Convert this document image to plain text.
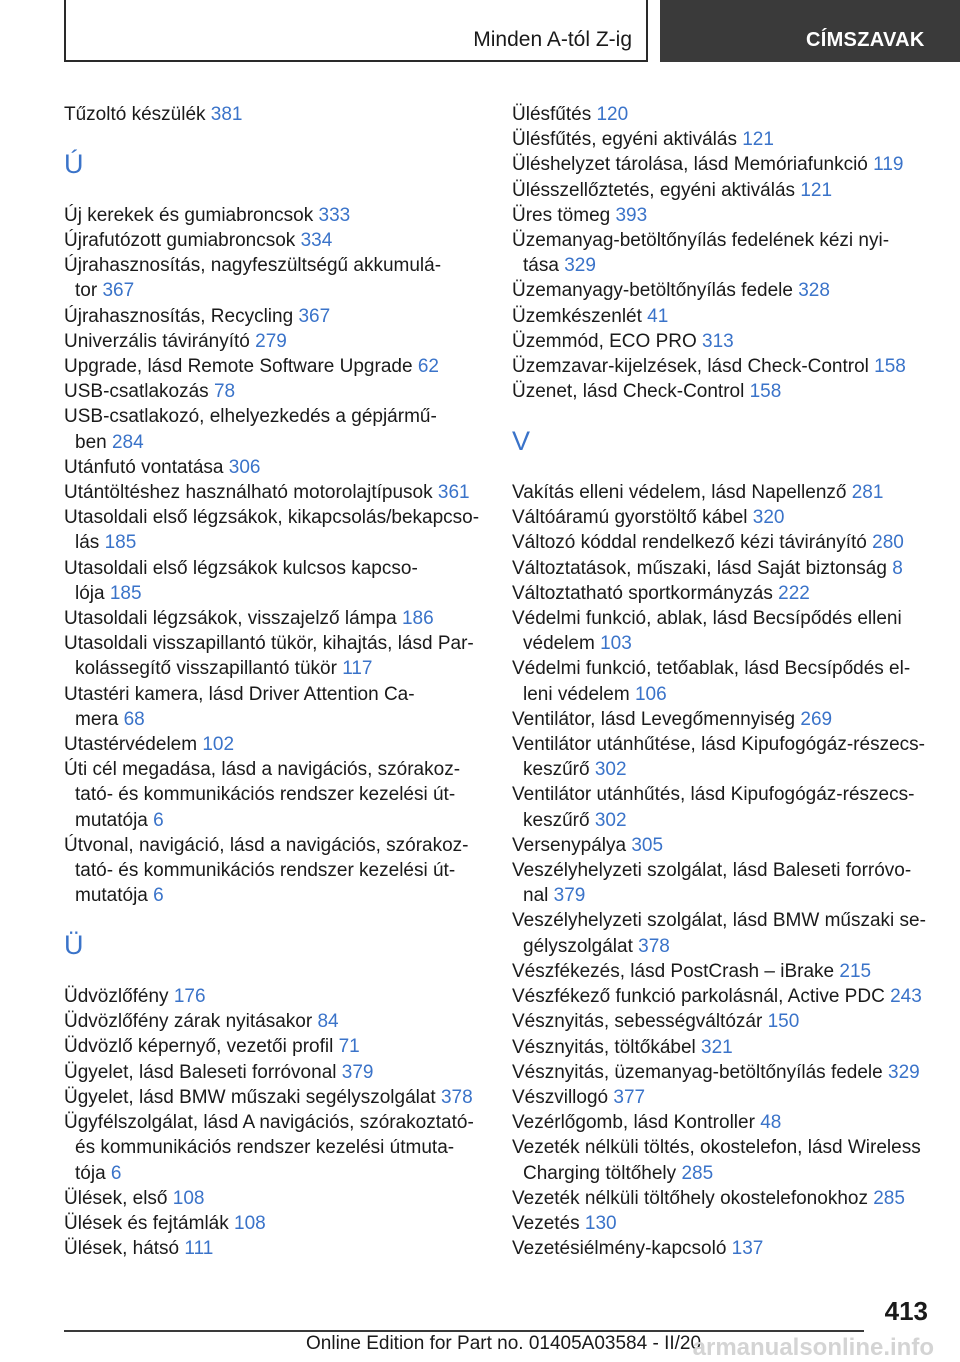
Minden A-tól Z-ig	CÍMSZAVAK
Tűzoltó készülék 381
Ú
Új kerekek és gumiabroncsok 333
Újrafutózott gumiabroncsok 334
Újrahasznosítás, nagyfeszültségű akkumulá-
tor 367
Újrahasznosítás, Recycling 367
Univerzális távirányító 279
Upgrade, lásd Remote Software Upgrade 62
USB-csatlakozás 78
USB-csatlakozó, elhelyezkedés a gépjármű-
ben 284
Utánfutó vontatása 306
Utántöltéshez használható motorolajtípusok 361
Utasoldali első légzsákok, kikapcsolás/bekapcso-
lás 185
Utasoldali első légzsákok kulcsos kapcso-
lója 185
Utasoldali légzsákok, visszajelző lámpa 186
Utasoldali visszapillantó tükör, kihajtás, lásd Par-
kolássegítő visszapillantó tükör 117
Utastéri kamera, lásd Driver Attention Ca-
mera 68
Utastérvédelem 102
Úti cél megadása, lásd a navigációs, szórakoz-
tató- és kommunikációs rendszer kezelési út-
mutatója 6
Útvonal, navigáció, lásd a navigációs, szórakoz-
tató- és kommunikációs rendszer kezelési út-
mutatója 6
Ü
Üdvözlőfény 176
Üdvözlőfény zárak nyitásakor 84
Üdvözlő képernyő, vezetői profil 71
Ügyelet, lásd Baleseti forróvonal 379
Ügyelet, lásd BMW műszaki segélyszolgálat 378
Ügyfélszolgálat, lásd A navigációs, szórakoztató-
és kommunikációs rendszer kezelési útmuta-
tója 6
Ülések, első 108
Ülések és fejtámlák 108
Ülések, hátsó 111
Ülésfűtés 120
Ülésfűtés, egyéni aktiválás 121
Üléshelyzet tárolása, lásd Memóriafunkció 119
Ülésszellőztetés, egyéni aktiválás 121
Üres tömeg 393
Üzemanyag-betöltőnyílás fedelének kézi nyi-
tása 329
Üzemanyagy-betöltőnyílás fedele 328
Üzemkészenlét 41
Üzemmód, ECO PRO 313
Üzemzavar-kijelzések, lásd Check-Control 158
Üzenet, lásd Check-Control 158
V
Vakítás elleni védelem, lásd Napellenző 281
Váltóáramú gyorstöltő kábel 320
Változó kóddal rendelkező kézi távirányító 280
Változtatások, műszaki, lásd Saját biztonság 8
Változtatható sportkormányzás 222
Védelmi funkció, ablak, lásd Becsípődés elleni
védelem 103
Védelmi funkció, tetőablak, lásd Becsípődés el-
leni védelem 106
Ventilátor, lásd Levegőmennyiség 269
Ventilátor utánhűtése, lásd Kipufogógáz-részecs-
keszűrő 302
Ventilátor utánhűtés, lásd Kipufogógáz-részecs-
keszűrő 302
Versenypálya 305
Veszélyhelyzeti szolgálat, lásd Baleseti forróvo-
nal 379
Veszélyhelyzeti szolgálat, lásd BMW műszaki se-
gélyszolgálat 378
Vészfékezés, lásd PostCrash – iBrake 215
Vészfékező funkció parkolásnál, Active PDC 243
Vésznyitás, sebességváltózár 150
Vésznyitás, töltőkábel 321
Vésznyitás, üzemanyag-betöltőnyílás fedele 329
Vészvillogó 377
Vezérlőgomb, lásd Kontroller 48
Vezeték nélküli töltés, okostelefon, lásd Wireless
Charging töltőhely 285
Vezeték nélküli töltőhely okostelefonokhoz 285
Vezetés 130
Vezetésiélmény-kapcsoló 137
413
Online Edition for Part no. 01405A03584 - II/20
armanualsonline.info
